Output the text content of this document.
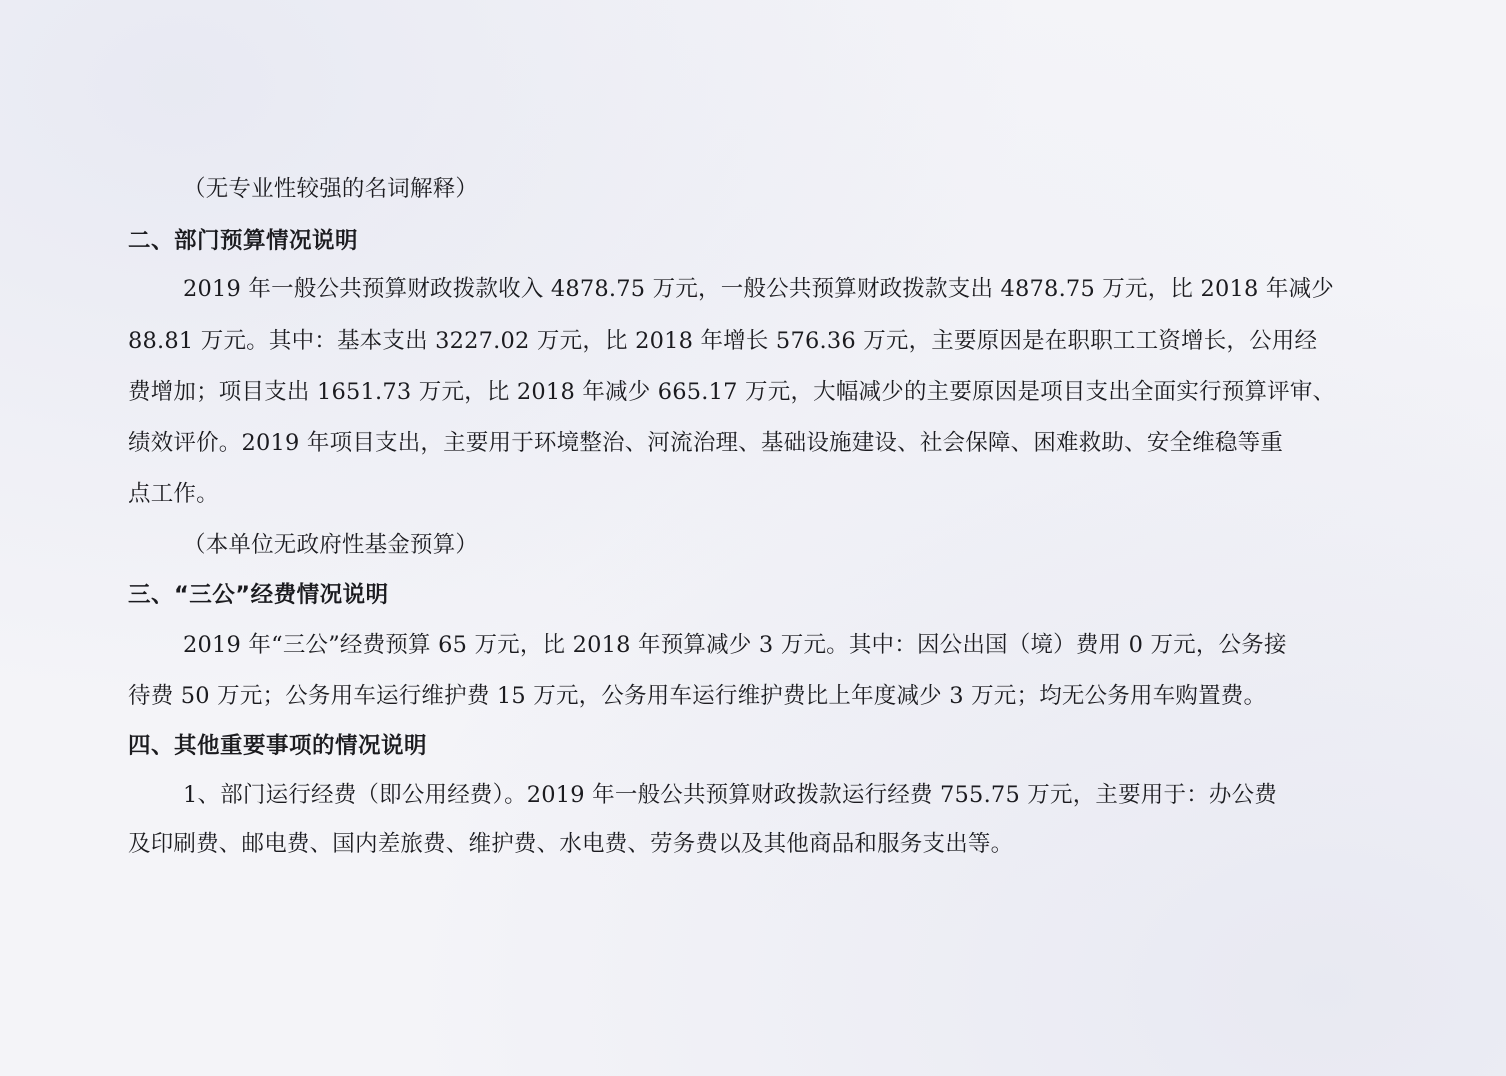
（无专业性较强的名词解释）
二、部门预算情况说明
2019 年一般公共预算财政拨款收入 4878.75 万元，一般公共预算财政拨款支出 4878.75 万元，比 2018 年减少
88.81 万元。其中：基本支出 3227.02 万元，比 2018 年增长 576.36 万元，主要原因是在职职工工资增长，公用经
费增加；项目支出 1651.73 万元，比 2018 年减少 665.17 万元，大幅减少的主要原因是项目支出全面实行预算评审、
绩效评价。2019 年项目支出，主要用于环境整治、河流治理、基础设施建设、社会保障、困难救助、安全维稳等重
点工作。
（本单位无政府性基金预算）
三、“三公”经费情况说明
2019 年“三公”经费预算 65 万元，比 2018 年预算减少 3 万元。其中：因公出国（境）费用 0 万元，公务接
待费 50 万元；公务用车运行维护费 15 万元，公务用车运行维护费比上年度减少 3 万元；均无公务用车购置费。
四、其他重要事项的情况说明
1、部门运行经费（即公用经费）。2019 年一般公共预算财政拨款运行经费 755.75 万元，主要用于：办公费
及印刷费、邮电费、国内差旅费、维护费、水电费、劳务费以及其他商品和服务支出等。
